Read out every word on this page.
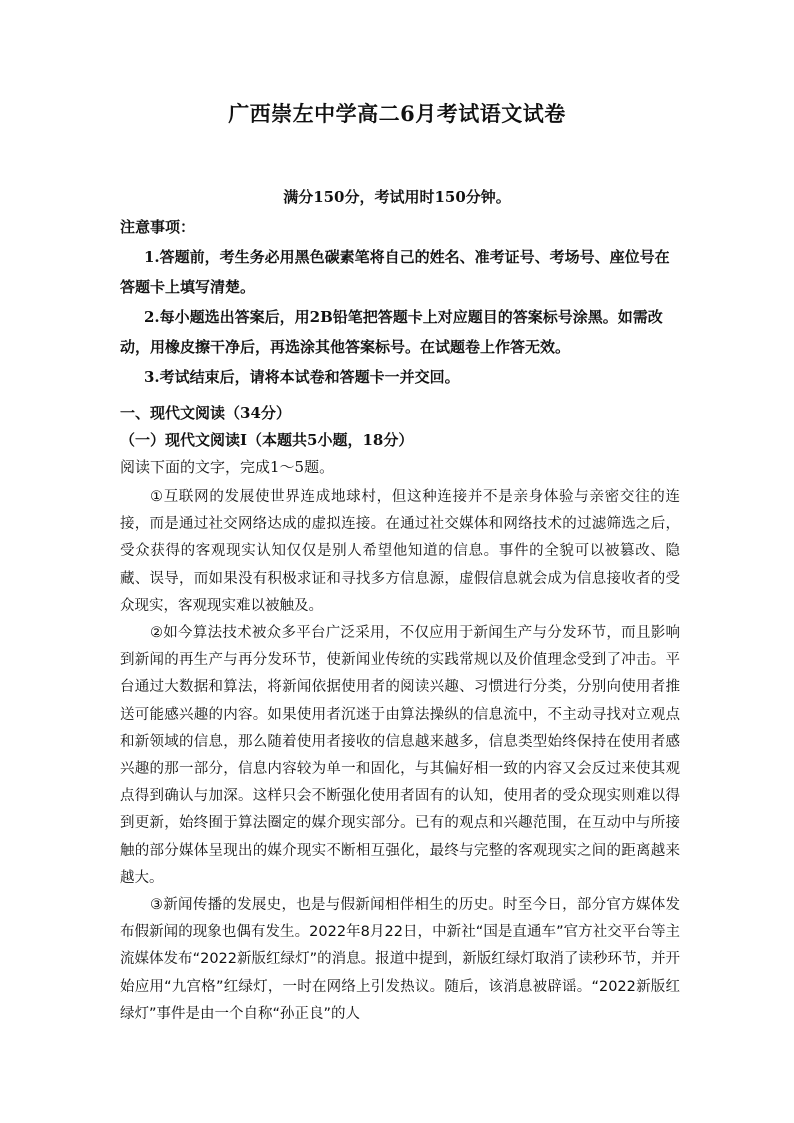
广西崇左中学高二6月考试语文试卷
满分150分，考试用时150分钟。

注意事项：

1.答题前，考生务必用黑色碳素笔将自己的姓名、准考证号、考场号、座位号在答题卡上填写清楚。

2.每小题选出答案后，用2B铅笔把答题卡上对应题目的答案标号涂黑。如需改动，用橡皮擦干净后，再选涂其他答案标号。在试题卷上作答无效。

3.考试结束后，请将本试卷和答题卡一并交回。

一、现代文阅读（34分）
（一）现代文阅读Ⅰ（本题共5小题，18分）
阅读下面的文字，完成1～5题。

①互联网的发展使世界连成地球村，但这种连接并不是亲身体验与亲密交往的连接，而是通过社交网络达成的虚拟连接。在通过社交媒体和网络技术的过滤筛选之后，受众获得的客观现实认知仅仅是别人希望他知道的信息。事件的全貌可以被篡改、隐藏、误导，而如果没有积极求证和寻找多方信息源，虚假信息就会成为信息接收者的受众现实，客观现实难以被触及。

②如今算法技术被众多平台广泛采用，不仅应用于新闻生产与分发环节，而且影响到新闻的再生产与再分发环节，使新闻业传统的实践常规以及价值理念受到了冲击。平台通过大数据和算法，将新闻依据使用者的阅读兴趣、习惯进行分类，分别向使用者推送可能感兴趣的内容。如果使用者沉迷于由算法操纵的信息流中，不主动寻找对立观点和新领域的信息，那么随着使用者接收的信息越来越多，信息类型始终保持在使用者感兴趣的那一部分，信息内容较为单一和固化，与其偏好相一致的内容又会反过来使其观点得到确认与加深。这样只会不断强化使用者固有的认知，使用者的受众现实则难以得到更新，始终囿于算法圈定的媒介现实部分。已有的观点和兴趣范围，在互动中与所接触的部分媒体呈现出的媒介现实不断相互强化，最终与完整的客观现实之间的距离越来越大。

③新闻传播的发展史，也是与假新闻相伴相生的历史。时至今日，部分官方媒体发布假新闻的现象也偶有发生。2022年8月22日，中新社“国是直通车”官方社交平台等主流媒体发布“2022新版红绿灯”的消息。报道中提到，新版红绿灯取消了读秒环节，并开始应用“九宫格”红绿灯，一时在网络上引发热议。随后，该消息被辟谣。“2022新版红绿灯”事件是由一个自称“孙正良”的人
